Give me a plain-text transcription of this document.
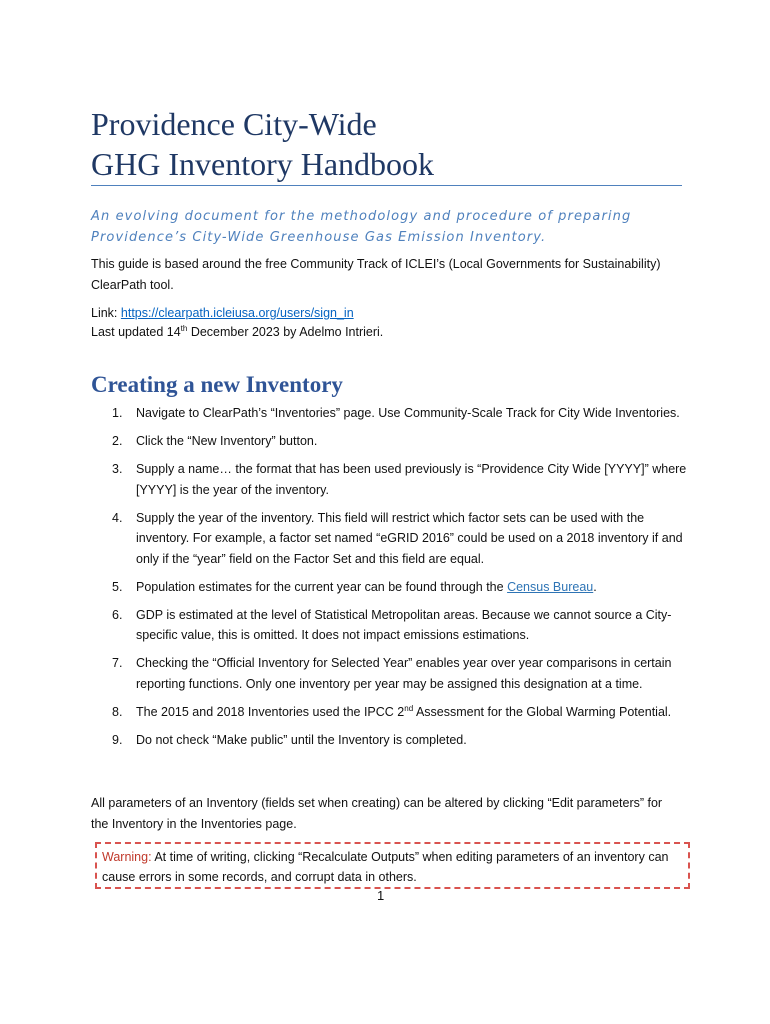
Providence City-Wide
GHG Inventory Handbook

An evolving document for the methodology and procedure of preparing
Providence’s City-Wide Greenhouse Gas Emission Inventory.

This guide is based around the free Community Track of ICLEI’s (Local Governments for Sustainability)
ClearPath tool.

Link: https://clearpath.icleiusa.org/users/sign_in
Last updated 14th December 2023 by Adelmo Intrieri.

Creating a new Inventory
1. Navigate to ClearPath’s “Inventories” page. Use Community-Scale Track for City Wide Inventories.
2. Click the “New Inventory” button.
3. Supply a name… the format that has been used previously is “Providence City Wide [YYYY]” where [YYYY] is the year of the inventory.
4. Supply the year of the inventory. This field will restrict which factor sets can be used with the inventory. For example, a factor set named “eGRID 2016” could be used on a 2018 inventory if and only if the “year” field on the Factor Set and this field are equal.
5. Population estimates for the current year can be found through the Census Bureau.
6. GDP is estimated at the level of Statistical Metropolitan areas. Because we cannot source a City-specific value, this is omitted. It does not impact emissions estimations.
7. Checking the “Official Inventory for Selected Year” enables year over year comparisons in certain reporting functions. Only one inventory per year may be assigned this designation at a time.
8. The 2015 and 2018 Inventories used the IPCC 2nd Assessment for the Global Warming Potential.
9. Do not check “Make public” until the Inventory is completed.

All parameters of an Inventory (fields set when creating) can be altered by clicking “Edit parameters” for
the Inventory in the Inventories page.

Warning: At time of writing, clicking “Recalculate Outputs” when editing parameters of an inventory can cause errors in some records, and corrupt data in others.
1
